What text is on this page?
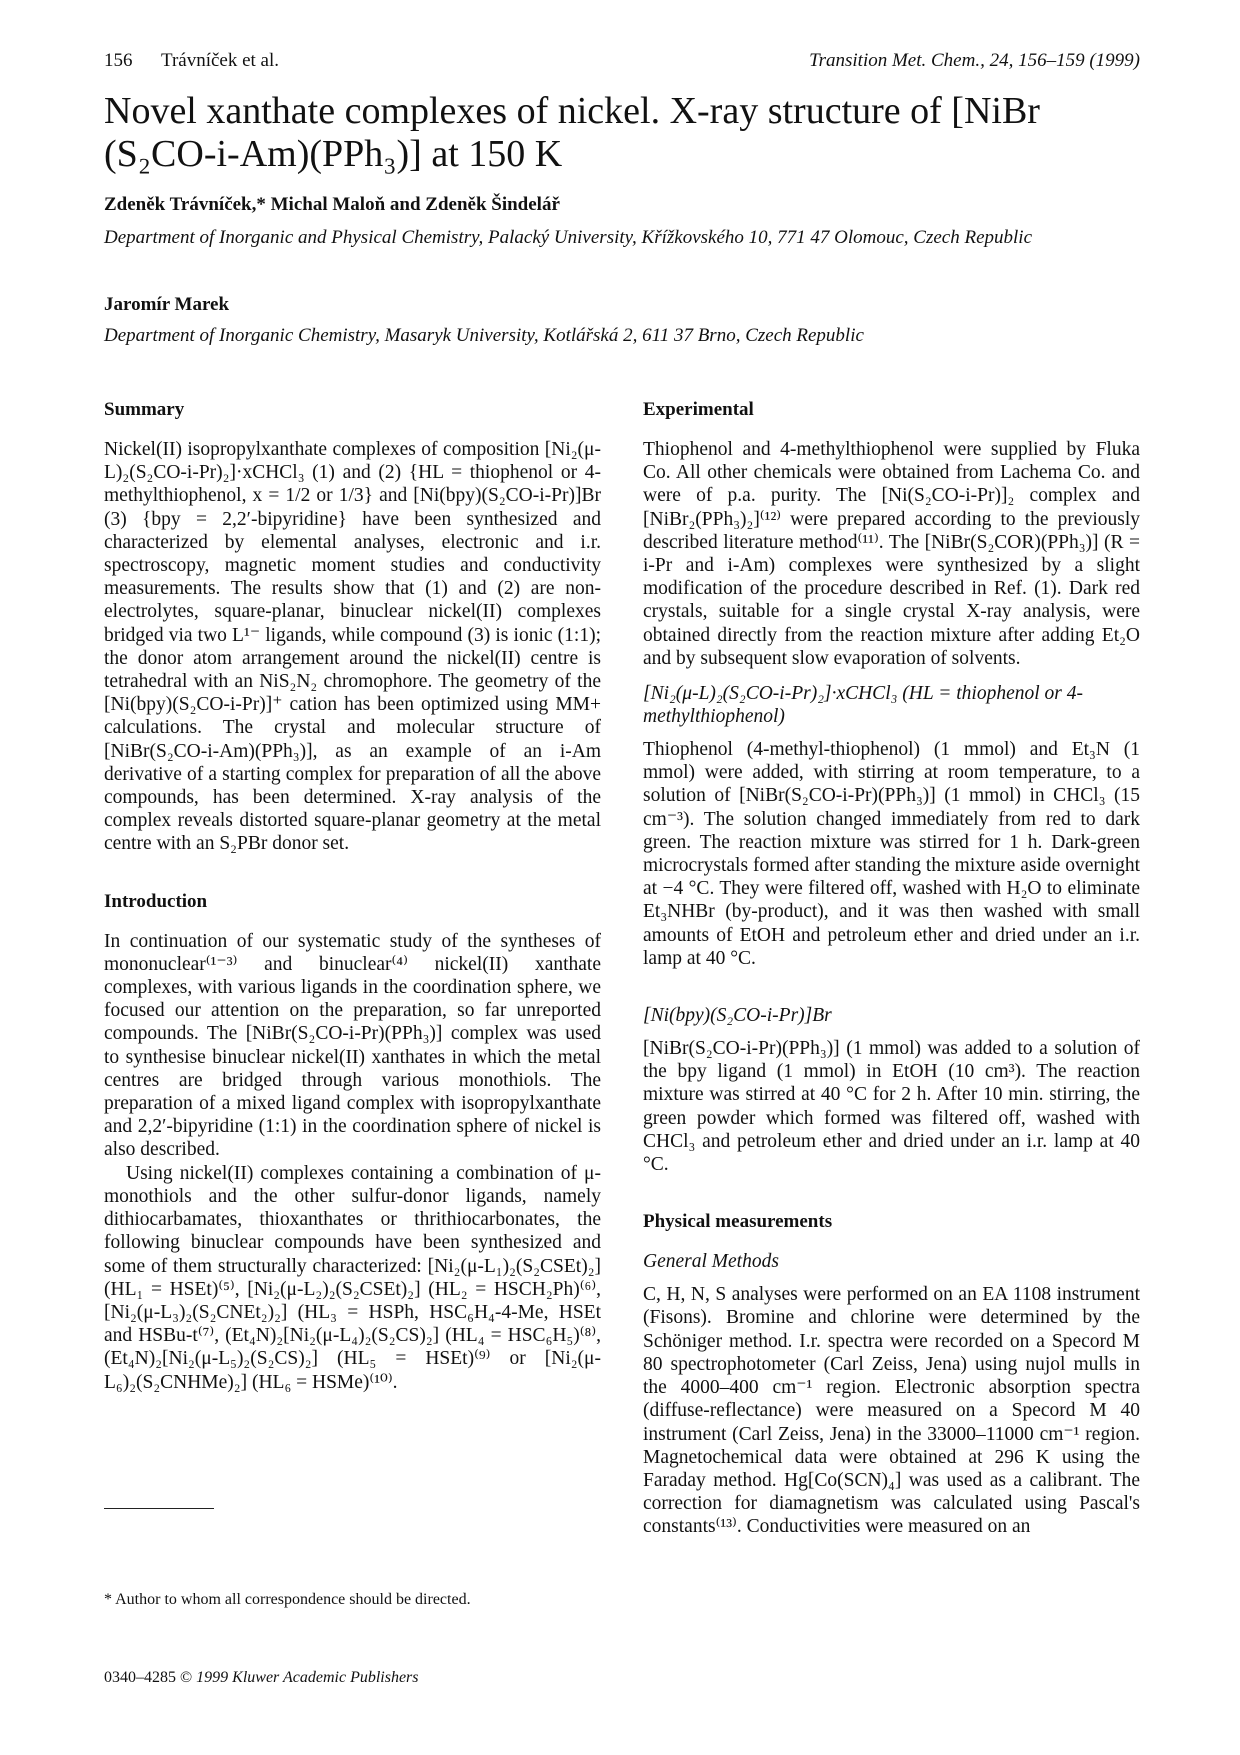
156 Trávníček et al.	Transition Met. Chem., 24, 156–159 (1999)
Novel xanthate complexes of nickel. X-ray structure of [NiBr
(S₂CO-i-Am)(PPh₃)] at 150 K
Zdeněk Trávníček,* Michal Maloň and Zdeněk Šindelář
Department of Inorganic and Physical Chemistry, Palacký University, Křížkovského 10, 771 47 Olomouc, Czech Republic
Jaromír Marek
Department of Inorganic Chemistry, Masaryk University, Kotlářská 2, 611 37 Brno, Czech Republic
Summary

Nickel(II) isopropylxanthate complexes of composition [Ni₂(μ-L)₂(S₂CO-i-Pr)₂]·xCHCl₃ (1) and (2) {HL = thiophenol or 4-methylthiophenol, x = 1/2 or 1/3} and [Ni(bpy)(S₂CO-i-Pr)]Br (3) {bpy = 2,2′-bipyridine} have been synthesized and characterized by elemental analyses, electronic and i.r. spectroscopy, magnetic moment studies and conductivity measurements. The results show that (1) and (2) are non-electrolytes, square-planar, binuclear nickel(II) complexes bridged via two L¹⁻ ligands, while compound (3) is ionic (1:1); the donor atom arrangement around the nickel(II) centre is tetrahedral with an NiS₂N₂ chromophore. The geometry of the [Ni(bpy)(S₂CO-i-Pr)]⁺ cation has been optimized using MM+ calculations. The crystal and molecular structure of [NiBr(S₂CO-i-Am)(PPh₃)], as an example of an i-Am derivative of a starting complex for preparation of all the above compounds, has been determined. X-ray analysis of the complex reveals distorted square-planar geometry at the metal centre with an S₂PBr donor set.

Introduction

In continuation of our systematic study of the syntheses of mononuclear⁽¹⁻³⁾ and binuclear⁽⁴⁾ nickel(II) xanthate complexes, with various ligands in the coordination sphere, we focused our attention on the preparation, so far unreported compounds. The [NiBr(S₂CO-i-Pr)(PPh₃)] complex was used to synthesise binuclear nickel(II) xanthates in which the metal centres are bridged through various monothiols. The preparation of a mixed ligand complex with isopropylxanthate and 2,2′-bipyridine (1:1) in the coordination sphere of nickel is also described.

Using nickel(II) complexes containing a combination of μ-monothiols and the other sulfur-donor ligands, namely dithiocarbamates, thioxanthates or thrithiocarbonates, the following binuclear compounds have been synthesized and some of them structurally characterized: [Ni₂(μ-L₁)₂(S₂CSEt)₂] (HL₁ = HSEt)⁽⁵⁾, [Ni₂(μ-L₂)₂(S₂CSEt)₂] (HL₂ = HSCH₂Ph)⁽⁶⁾, [Ni₂(μ-L₃)₂(S₂CNEt₂)₂] (HL₃ = HSPh, HSC₆H₄-4-Me, HSEt and HSBu-t⁽⁷⁾, (Et₄N)₂[Ni₂(μ-L₄)₂(S₂CS)₂] (HL₄ = HSC₆H₅)⁽⁸⁾, (Et₄N)₂[Ni₂(μ-L₅)₂(S₂CS)₂] (HL₅ = HSEt)⁽⁹⁾ or [Ni₂(μ-L₆)₂(S₂CNHMe)₂] (HL₆ = HSMe)⁽¹⁰⁾.

Experimental

Thiophenol and 4-methylthiophenol were supplied by Fluka Co. All other chemicals were obtained from Lachema Co. and were of p.a. purity. The [Ni(S₂CO-i-Pr)]₂ complex and [NiBr₂(PPh₃)₂]⁽¹²⁾ were prepared according to the previously described literature method⁽¹¹⁾. The [NiBr(S₂COR)(PPh₃)] (R = i-Pr and i-Am) complexes were synthesized by a slight modification of the procedure described in Ref. (1). Dark red crystals, suitable for a single crystal X-ray analysis, were obtained directly from the reaction mixture after adding Et₂O and by subsequent slow evaporation of solvents.

[Ni₂(μ-L)₂(S₂CO-i-Pr)₂]·xCHCl₃ (HL = thiophenol or 4-methylthiophenol)

Thiophenol (4-methyl-thiophenol) (1 mmol) and Et₃N (1 mmol) were added, with stirring at room temperature, to a solution of [NiBr(S₂CO-i-Pr)(PPh₃)] (1 mmol) in CHCl₃ (15 cm⁻³). The solution changed immediately from red to dark green. The reaction mixture was stirred for 1 h. Dark-green microcrystals formed after standing the mixture aside overnight at −4 °C. They were filtered off, washed with H₂O to eliminate Et₃NHBr (by-product), and it was then washed with small amounts of EtOH and petroleum ether and dried under an i.r. lamp at 40 °C.

[Ni(bpy)(S₂CO-i-Pr)]Br

[NiBr(S₂CO-i-Pr)(PPh₃)] (1 mmol) was added to a solution of the bpy ligand (1 mmol) in EtOH (10 cm³). The reaction mixture was stirred at 40 °C for 2 h. After 10 min. stirring, the green powder which formed was filtered off, washed with CHCl₃ and petroleum ether and dried under an i.r. lamp at 40 °C.

Physical measurements
General Methods

C, H, N, S analyses were performed on an EA 1108 instrument (Fisons). Bromine and chlorine were determined by the Schöniger method. I.r. spectra were recorded on a Specord M 80 spectrophotometer (Carl Zeiss, Jena) using nujol mulls in the 4000–400 cm⁻¹ region. Electronic absorption spectra (diffuse-reflectance) were measured on a Specord M 40 instrument (Carl Zeiss, Jena) in the 33000–11000 cm⁻¹ region. Magnetochemical data were obtained at 296 K using the Faraday method. Hg[Co(SCN)₄] was used as a calibrant. The correction for diamagnetism was calculated using Pascal's constants⁽¹³⁾. Conductivities were measured on an

* Author to whom all correspondence should be directed.
0340–4285 © 1999 Kluwer Academic Publishers
